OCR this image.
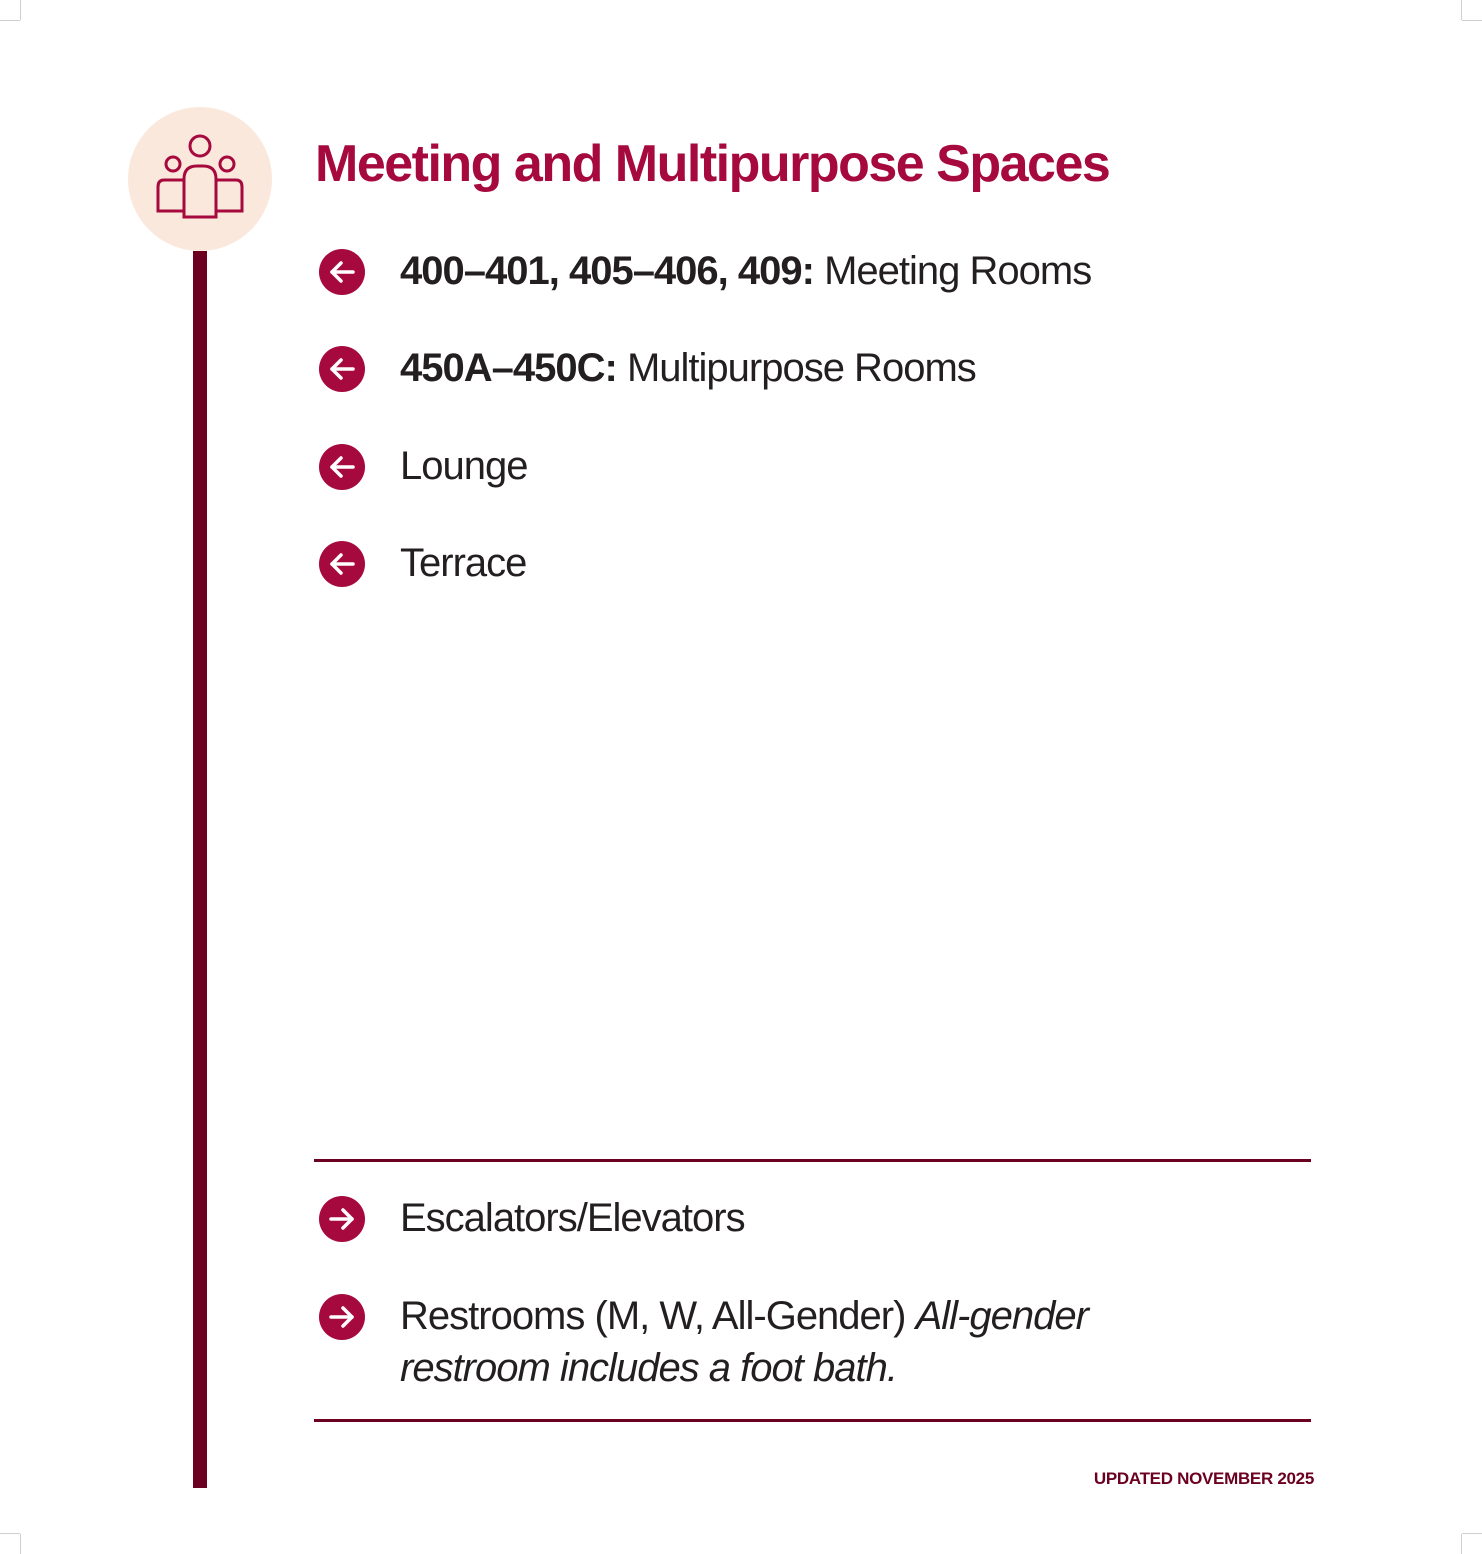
Meeting and Multipurpose Spaces
400–401, 405–406, 409: Meeting Rooms
450A–450C: Multipurpose Rooms
Lounge
Terrace
Escalators/Elevators
Restrooms (M, W, All-Gender) All-gender restroom includes a foot bath.
UPDATED NOVEMBER 2025
